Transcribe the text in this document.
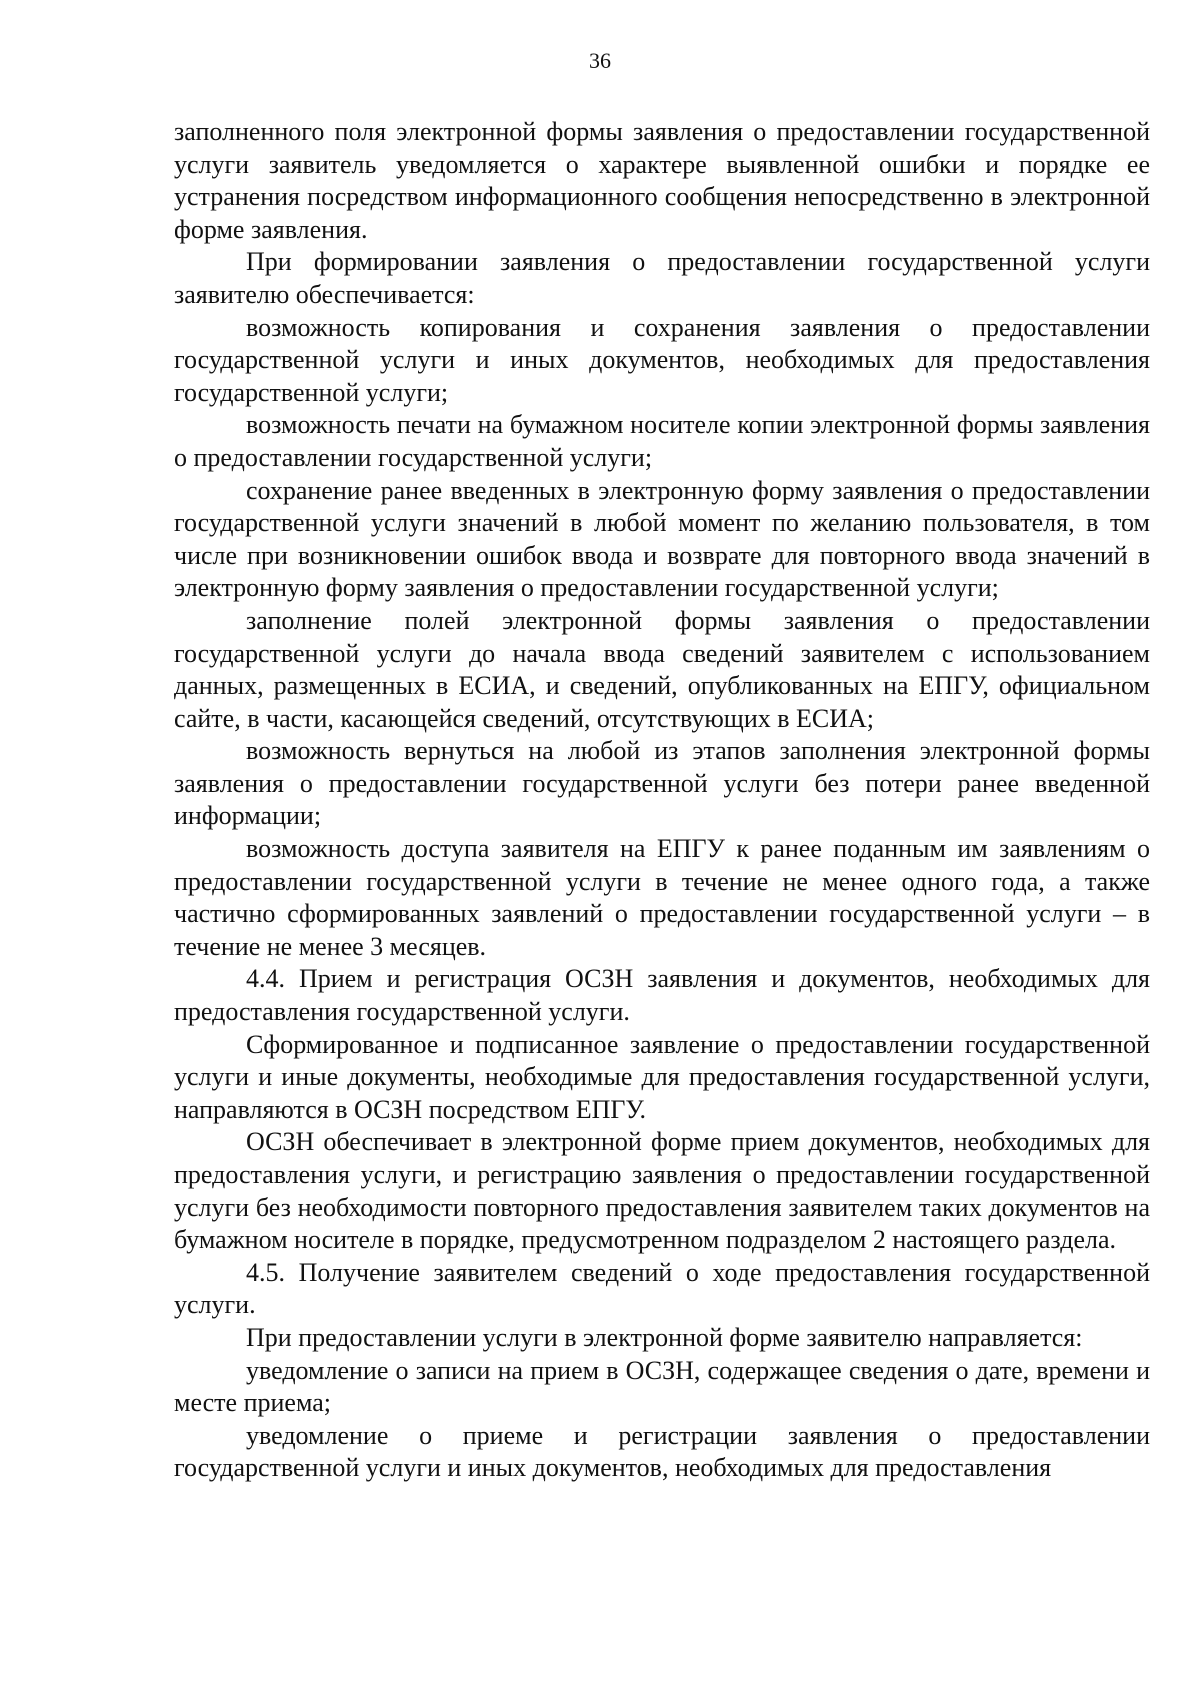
36

заполненного поля электронной формы заявления о предоставлении государственной услуги заявитель уведомляется о характере выявленной ошибки и порядке ее устранения посредством информационного сообщения непосредственно в электронной форме заявления.

При формировании заявления о предоставлении государственной услуги заявителю обеспечивается:

возможность копирования и сохранения заявления о предоставлении государственной услуги и иных документов, необходимых для предоставления государственной услуги;

возможность печати на бумажном носителе копии электронной формы заявления о предоставлении государственной услуги;

сохранение ранее введенных в электронную форму заявления о предоставлении государственной услуги значений в любой момент по желанию пользователя, в том числе при возникновении ошибок ввода и возврате для повторного ввода значений в электронную форму заявления о предоставлении государственной услуги;

заполнение полей электронной формы заявления о предоставлении государственной услуги до начала ввода сведений заявителем с использованием данных, размещенных в ЕСИА, и сведений, опубликованных на ЕПГУ, официальном сайте, в части, касающейся сведений, отсутствующих в ЕСИА;

возможность вернуться на любой из этапов заполнения электронной формы заявления о предоставлении государственной услуги без потери ранее введенной информации;

возможность доступа заявителя на ЕПГУ к ранее поданным им заявлениям о предоставлении государственной услуги в течение не менее одного года, а также частично сформированных заявлений о предоставлении государственной услуги – в течение не менее 3 месяцев.

4.4. Прием и регистрация ОСЗН заявления и документов, необходимых для предоставления государственной услуги.

Сформированное и подписанное заявление о предоставлении государственной услуги и иные документы, необходимые для предоставления государственной услуги, направляются в ОСЗН посредством ЕПГУ.

ОСЗН обеспечивает в электронной форме прием документов, необходимых для предоставления услуги, и регистрацию заявления о предоставлении государственной услуги без необходимости повторного предоставления заявителем таких документов на бумажном носителе в порядке, предусмотренном подразделом 2 настоящего раздела.

4.5. Получение заявителем сведений о ходе предоставления государственной услуги.

При предоставлении услуги в электронной форме заявителю направляется:

уведомление о записи на прием в ОСЗН, содержащее сведения о дате, времени и месте приема;

уведомление о приеме и регистрации заявления о предоставлении государственной услуги и иных документов, необходимых для предоставления
